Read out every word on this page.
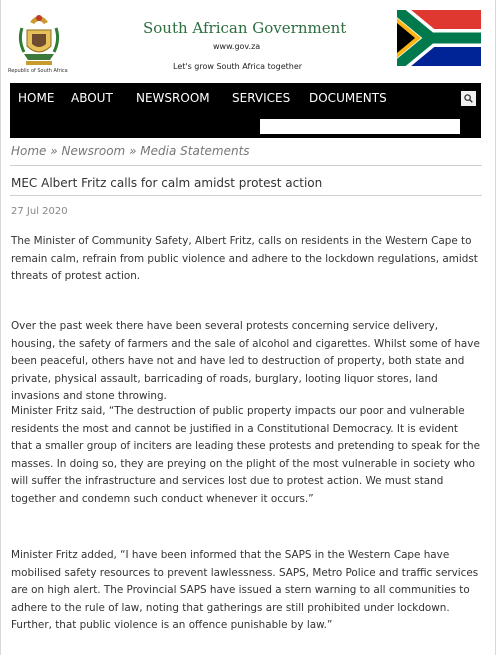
Republic of South Africa
South African Government
www.gov.za
Let's grow South Africa together
HOME ABOUT NEWSROOM SERVICES DOCUMENTS
Home » Newsroom » Media Statements
MEC Albert Fritz calls for calm amidst protest action
27 Jul 2020

The Minister of Community Safety, Albert Fritz, calls on residents in the Western Cape to remain calm, refrain from public violence and adhere to the lockdown regulations, amidst threats of protest action.

Over the past week there have been several protests concerning service delivery, housing, the safety of farmers and the sale of alcohol and cigarettes. Whilst some of have been peaceful, others have not and have led to destruction of property, both state and private, physical assault, barricading of roads, burglary, looting liquor stores, land invasions and stone throwing.

Minister Fritz said, “The destruction of public property impacts our poor and vulnerable residents the most and cannot be justified in a Constitutional Democracy. It is evident that a smaller group of inciters are leading these protests and pretending to speak for the masses. In doing so, they are preying on the plight of the most vulnerable in society who will suffer the infrastructure and services lost due to protest action. We must stand together and condemn such conduct whenever it occurs.”

Minister Fritz added, “I have been informed that the SAPS in the Western Cape have mobilised safety resources to prevent lawlessness. SAPS, Metro Police and traffic services are on high alert. The Provincial SAPS have issued a stern warning to all communities to adhere to the rule of law, noting that gatherings are still prohibited under lockdown. Further, that public violence is an offence punishable by law.”
